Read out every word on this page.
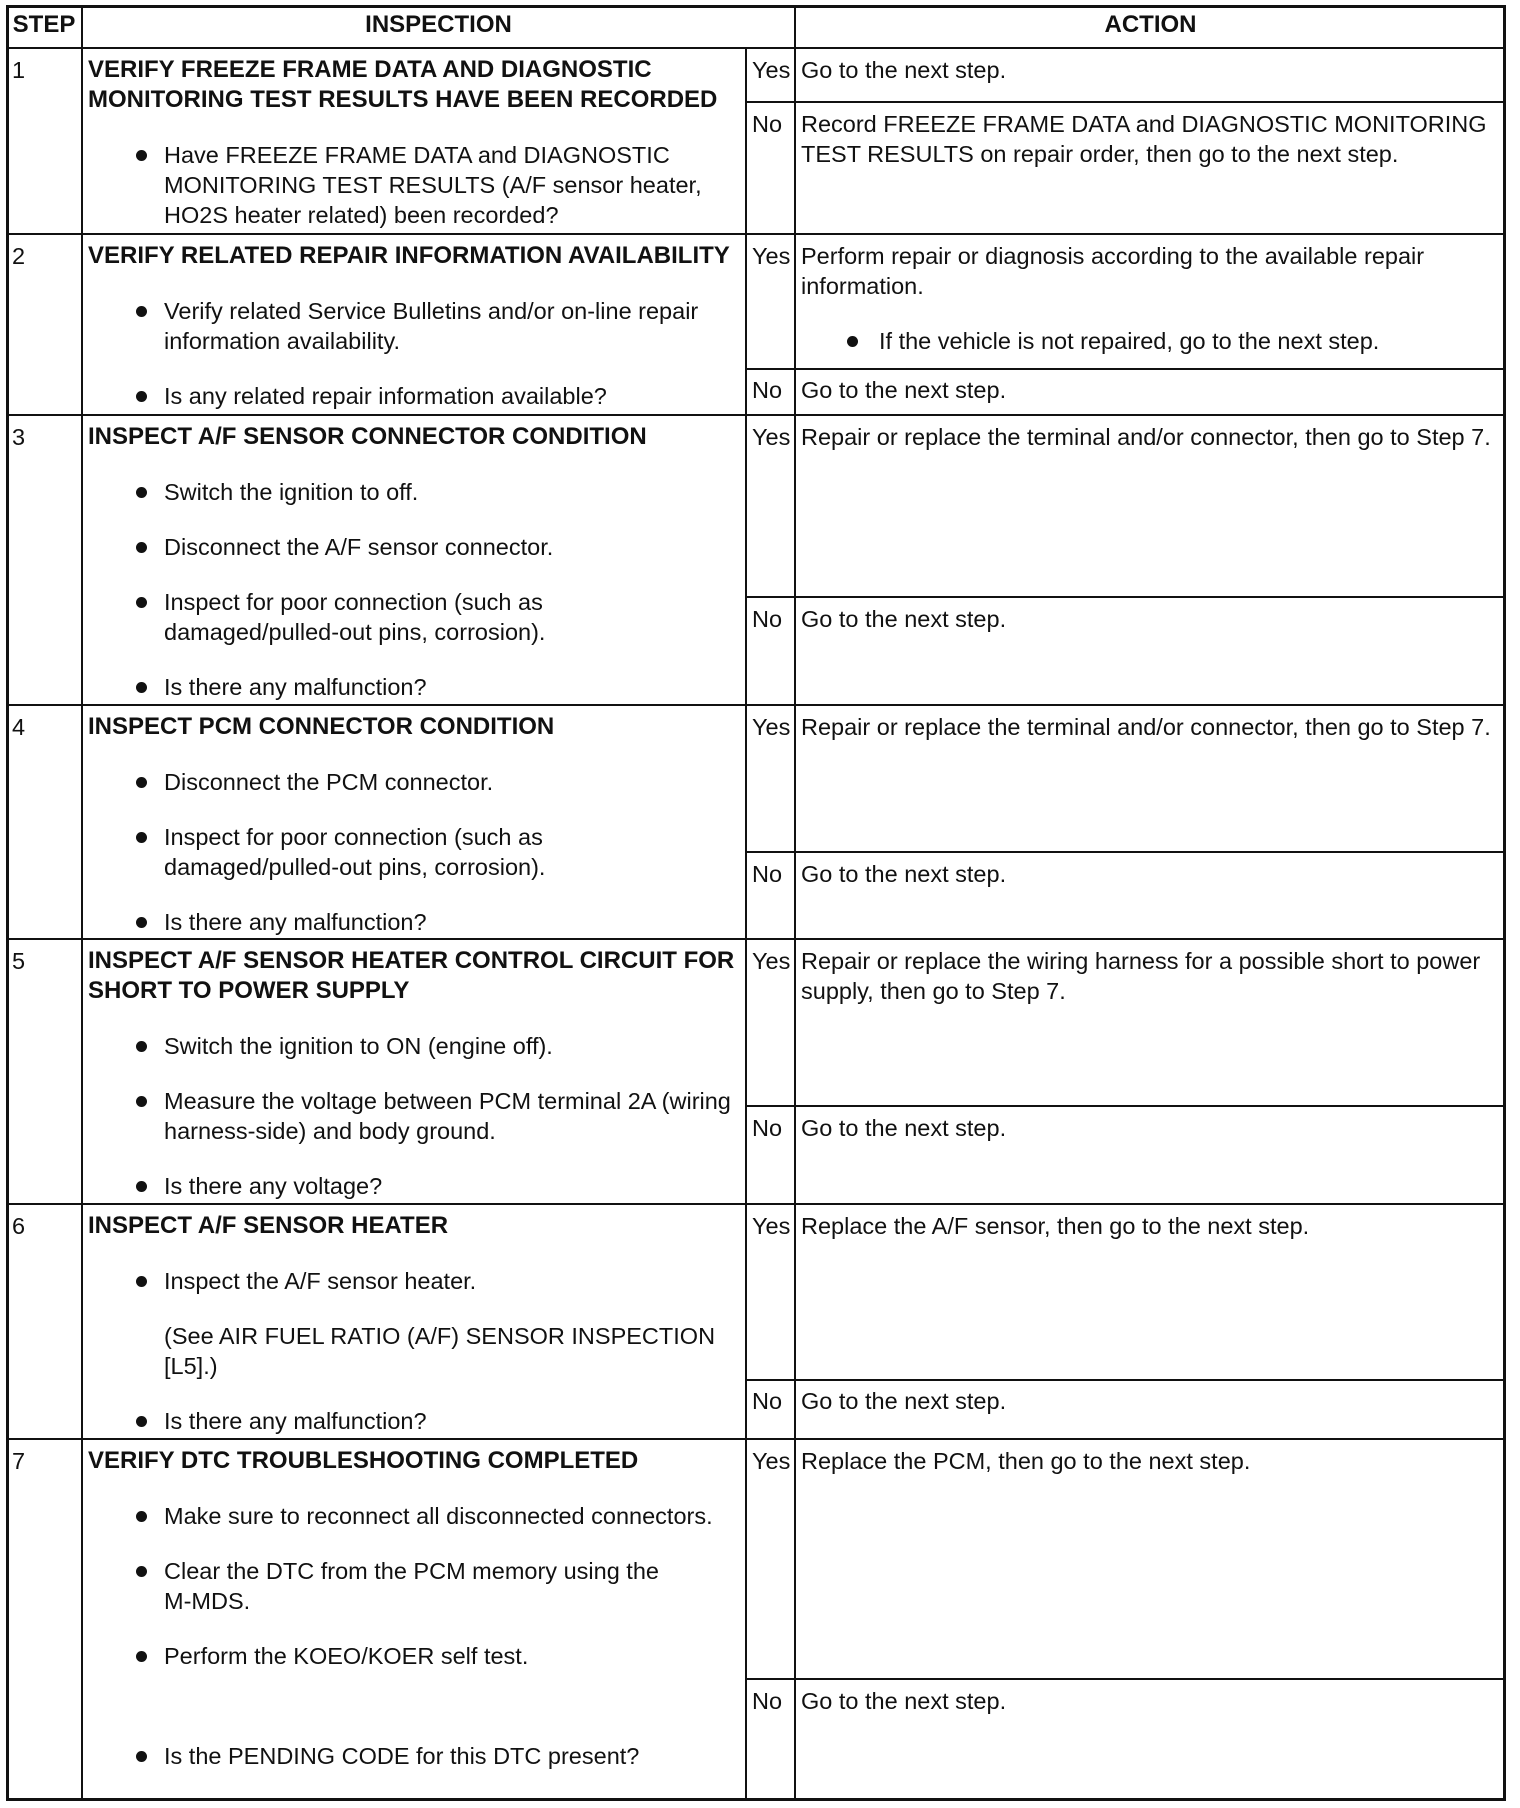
STEP	INSPECTION	ACTION
1	VERIFY FREEZE FRAME DATA AND DIAGNOSTIC MONITORING TEST RESULTS HAVE BEEN RECORDED
Have FREEZE FRAME DATA and DIAGNOSTIC MONITORING TEST RESULTS (A/F sensor heater, HO2S heater related) been recorded?
Yes Go to the next step.
No Record FREEZE FRAME DATA and DIAGNOSTIC MONITORING TEST RESULTS on repair order, then go to the next step.
2	VERIFY RELATED REPAIR INFORMATION AVAILABILITY
Verify related Service Bulletins and/or on-line repair information availability.
Is any related repair information available?
Yes Perform repair or diagnosis according to the available repair information.
If the vehicle is not repaired, go to the next step.
No Go to the next step.
3	INSPECT A/F SENSOR CONNECTOR CONDITION
Switch the ignition to off.
Disconnect the A/F sensor connector.
Inspect for poor connection (such as damaged/pulled-out pins, corrosion).
Is there any malfunction?
Yes Repair or replace the terminal and/or connector, then go to Step 7.
No Go to the next step.
4	INSPECT PCM CONNECTOR CONDITION
Disconnect the PCM connector.
Inspect for poor connection (such as damaged/pulled-out pins, corrosion).
Is there any malfunction?
Yes Repair or replace the terminal and/or connector, then go to Step 7.
No Go to the next step.
5	INSPECT A/F SENSOR HEATER CONTROL CIRCUIT FOR SHORT TO POWER SUPPLY
Switch the ignition to ON (engine off).
Measure the voltage between PCM terminal 2A (wiring harness-side) and body ground.
Is there any voltage?
Yes Repair or replace the wiring harness for a possible short to power supply, then go to Step 7.
No Go to the next step.
6	INSPECT A/F SENSOR HEATER
Inspect the A/F sensor heater.
(See AIR FUEL RATIO (A/F) SENSOR INSPECTION [L5].)
Is there any malfunction?
Yes Replace the A/F sensor, then go to the next step.
No Go to the next step.
7	VERIFY DTC TROUBLESHOOTING COMPLETED
Make sure to reconnect all disconnected connectors.
Clear the DTC from the PCM memory using the M-MDS.
Perform the KOEO/KOER self test.
Is the PENDING CODE for this DTC present?
Yes Replace the PCM, then go to the next step.
No Go to the next step.
